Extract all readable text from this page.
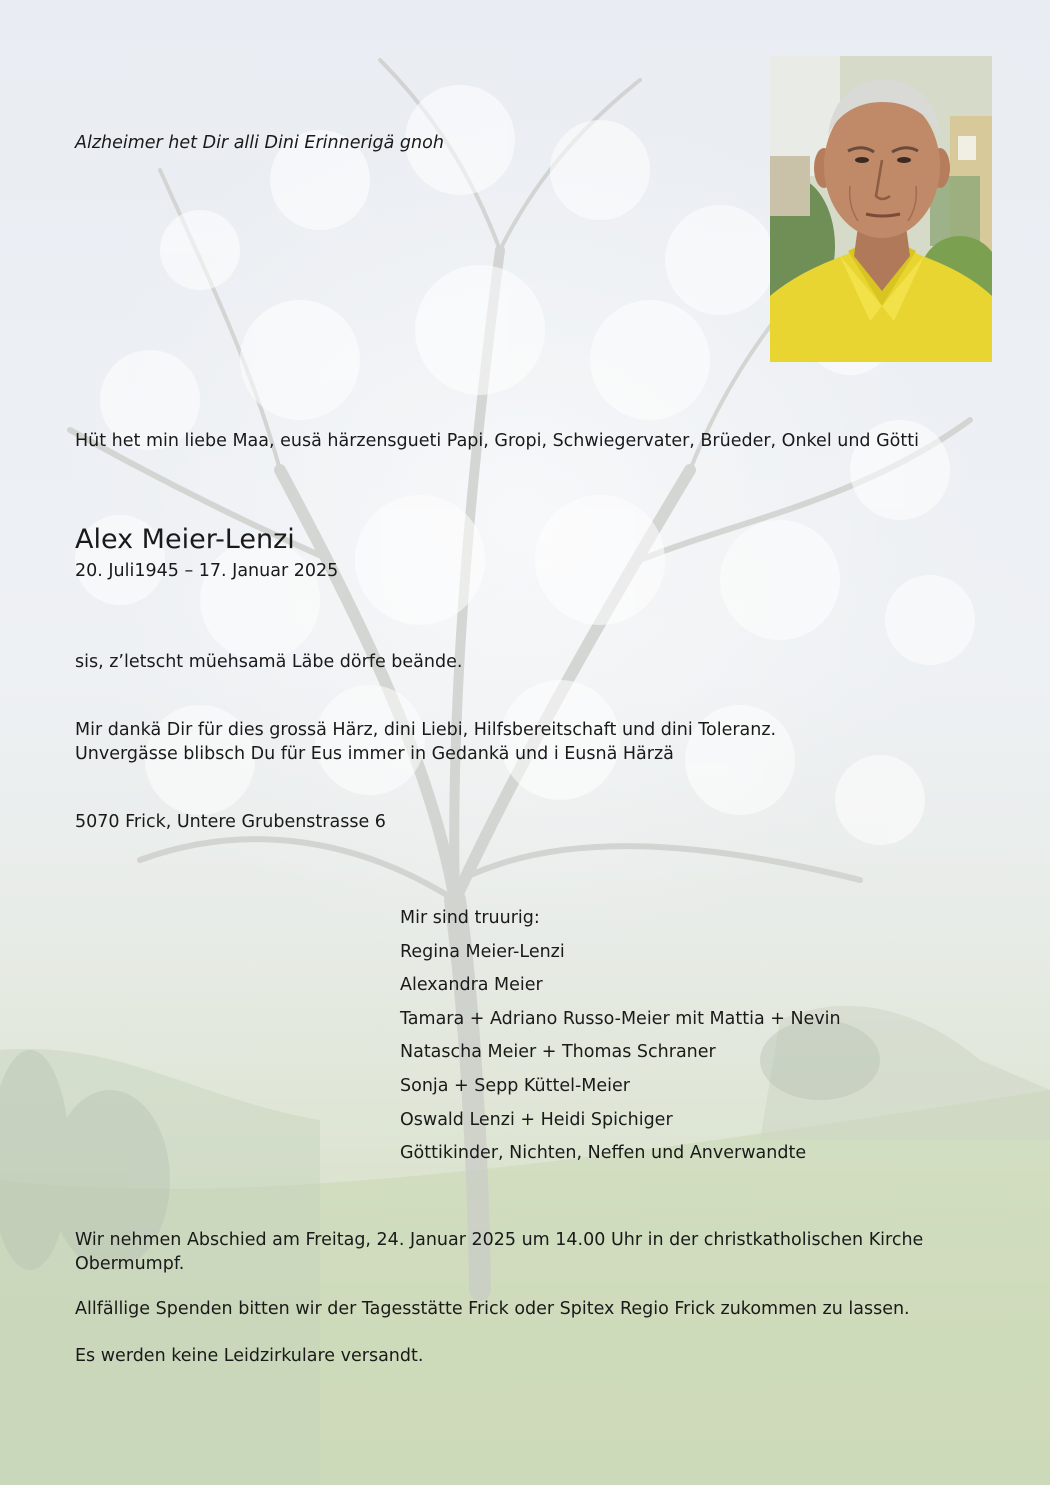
Alzheimer het Dir alli Dini Erinnerigä gnoh
Hüt het min liebe Maa, eusä härzensgueti Papi, Gropi, Schwiegervater, Brüeder, Onkel und Götti
Alex Meier-Lenzi
20. Juli1945 – 17. Januar 2025
sis, z’letscht müehsamä Läbe dörfe beände.
Mir dankä Dir für dies grossä Härz, dini Liebi, Hilfsbereitschaft und dini Toleranz.
Unvergässe blibsch Du für Eus immer in Gedankä und i Eusnä Härzä
5070 Frick, Untere Grubenstrasse 6
Mir sind truurig:
Regina Meier-Lenzi
Alexandra Meier
Tamara + Adriano Russo-Meier mit Mattia + Nevin
Natascha Meier + Thomas Schraner
Sonja + Sepp Küttel-Meier
Oswald Lenzi + Heidi Spichiger
Göttikinder, Nichten, Neffen und Anverwandte
Wir nehmen Abschied am Freitag, 24. Januar 2025 um 14.00 Uhr in der christkatholischen Kirche Obermumpf.
Allfällige Spenden bitten wir der Tagesstätte Frick oder Spitex Regio Frick zukommen zu lassen.
Es werden keine Leidzirkulare versandt.
